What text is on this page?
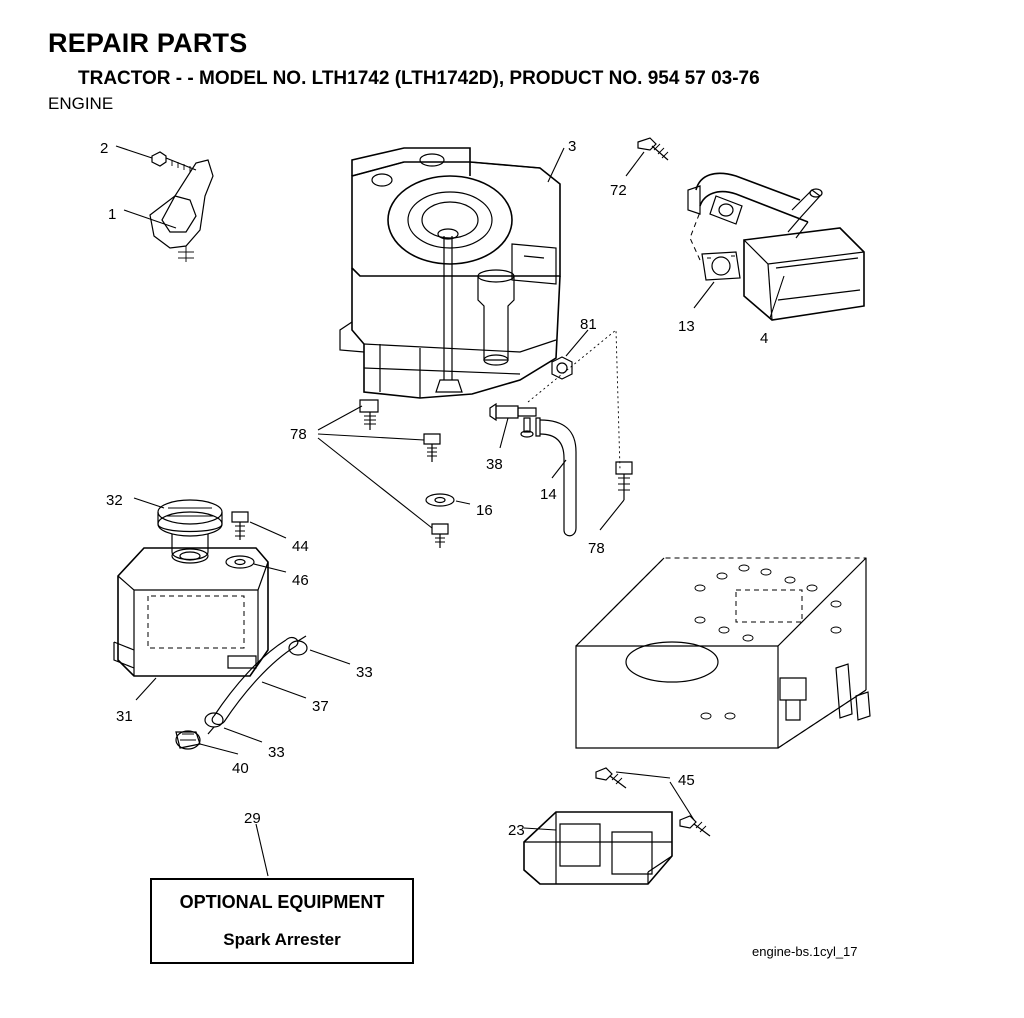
REPAIR PARTS
TRACTOR - - MODEL NO. LTH1742 (LTH1742D), PRODUCT NO. 954 57 03-76
ENGINE
2
1
3
72
13
4
81
78
38
14
78
16
32
44
46
33
37
31
33
40
29
45
23
OPTIONAL EQUIPMENT
Spark Arrester
engine-bs.1cyl_17
